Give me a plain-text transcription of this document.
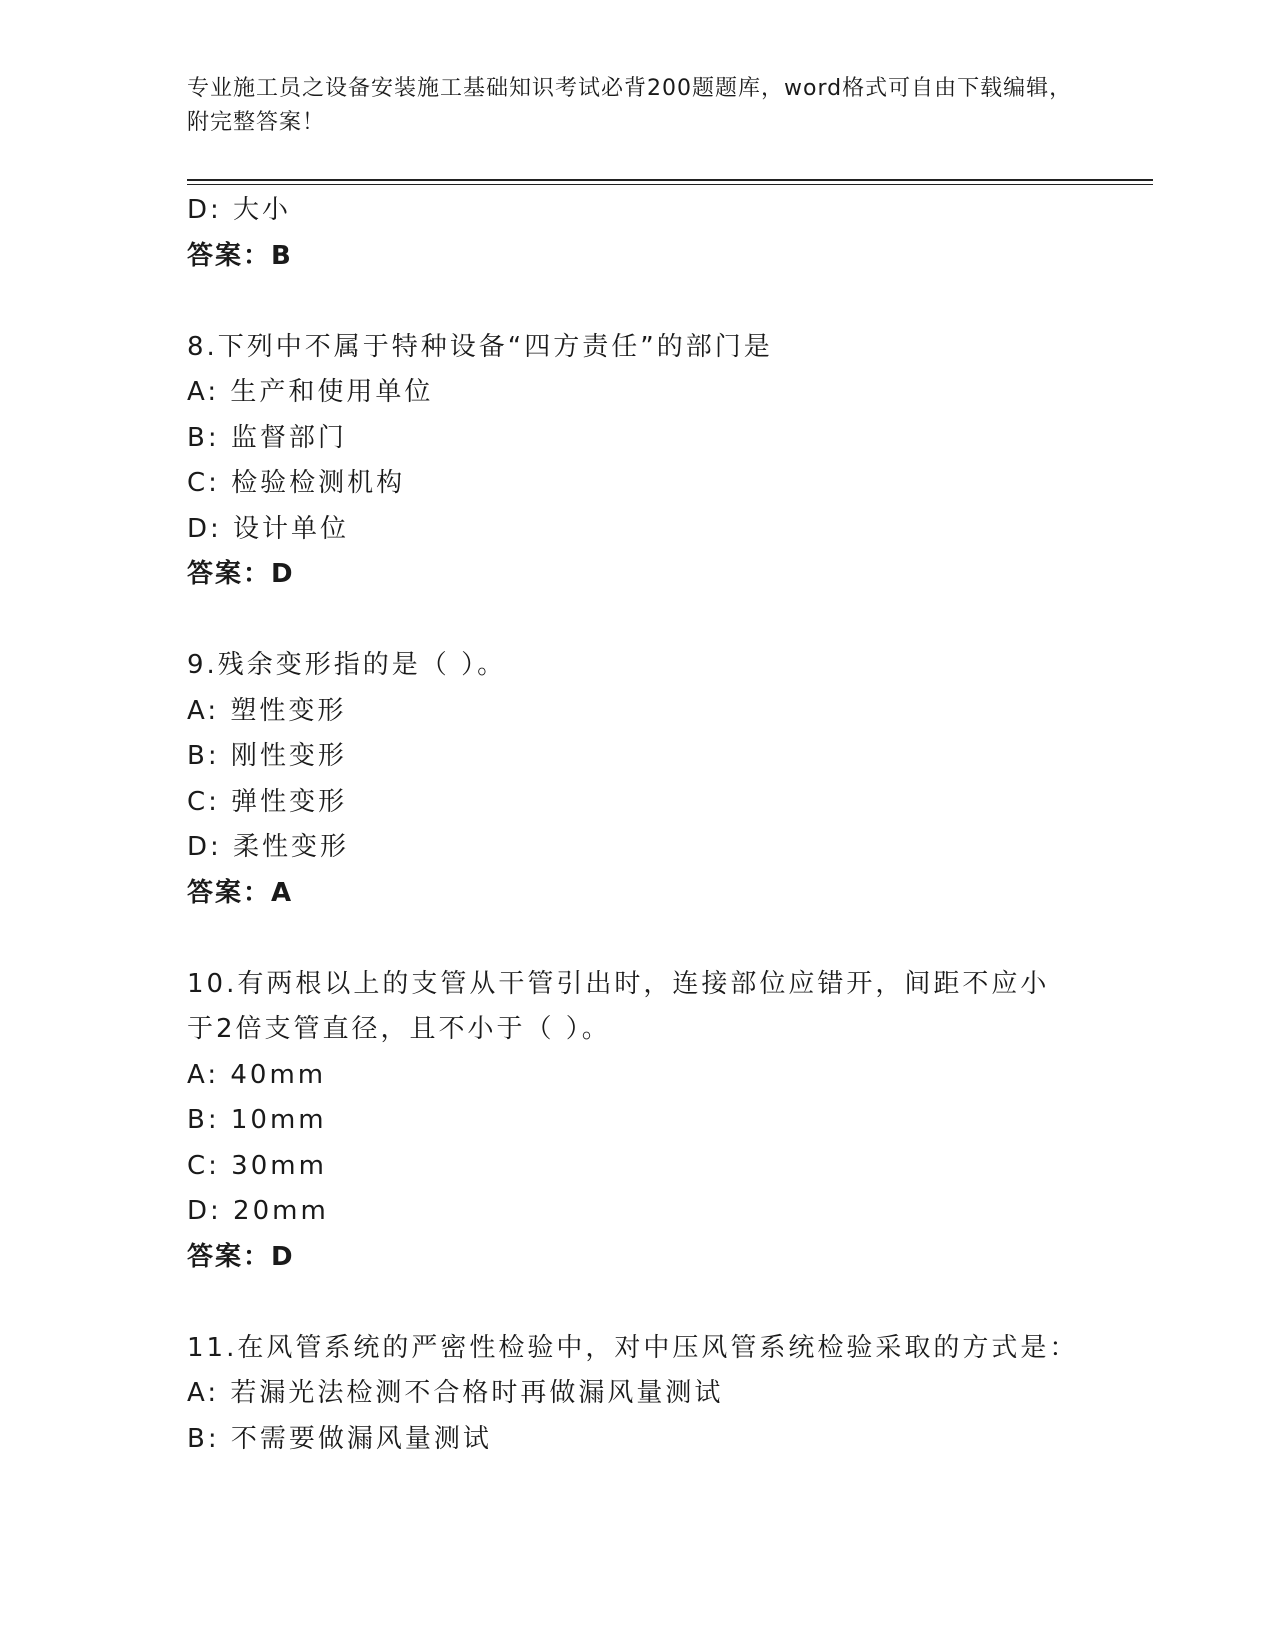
专业施工员之设备安装施工基础知识考试必背200题题库，word格式可自由下载编辑，附完整答案！
D: 大小
答案：B
8.下列中不属于特种设备“四方责任”的部门是
A: 生产和使用单位
B: 监督部门
C: 检验检测机构
D: 设计单位
答案：D
9.残余变形指的是（ ）。
A: 塑性变形
B: 刚性变形
C: 弹性变形
D: 柔性变形
答案：A
10.有两根以上的支管从干管引出时，连接部位应错开，间距不应小于2倍支管直径，且不小于（ ）。
A: 40mm
B: 10mm
C: 30mm
D: 20mm
答案：D
11.在风管系统的严密性检验中，对中压风管系统检验采取的方式是：
A: 若漏光法检测不合格时再做漏风量测试
B: 不需要做漏风量测试
